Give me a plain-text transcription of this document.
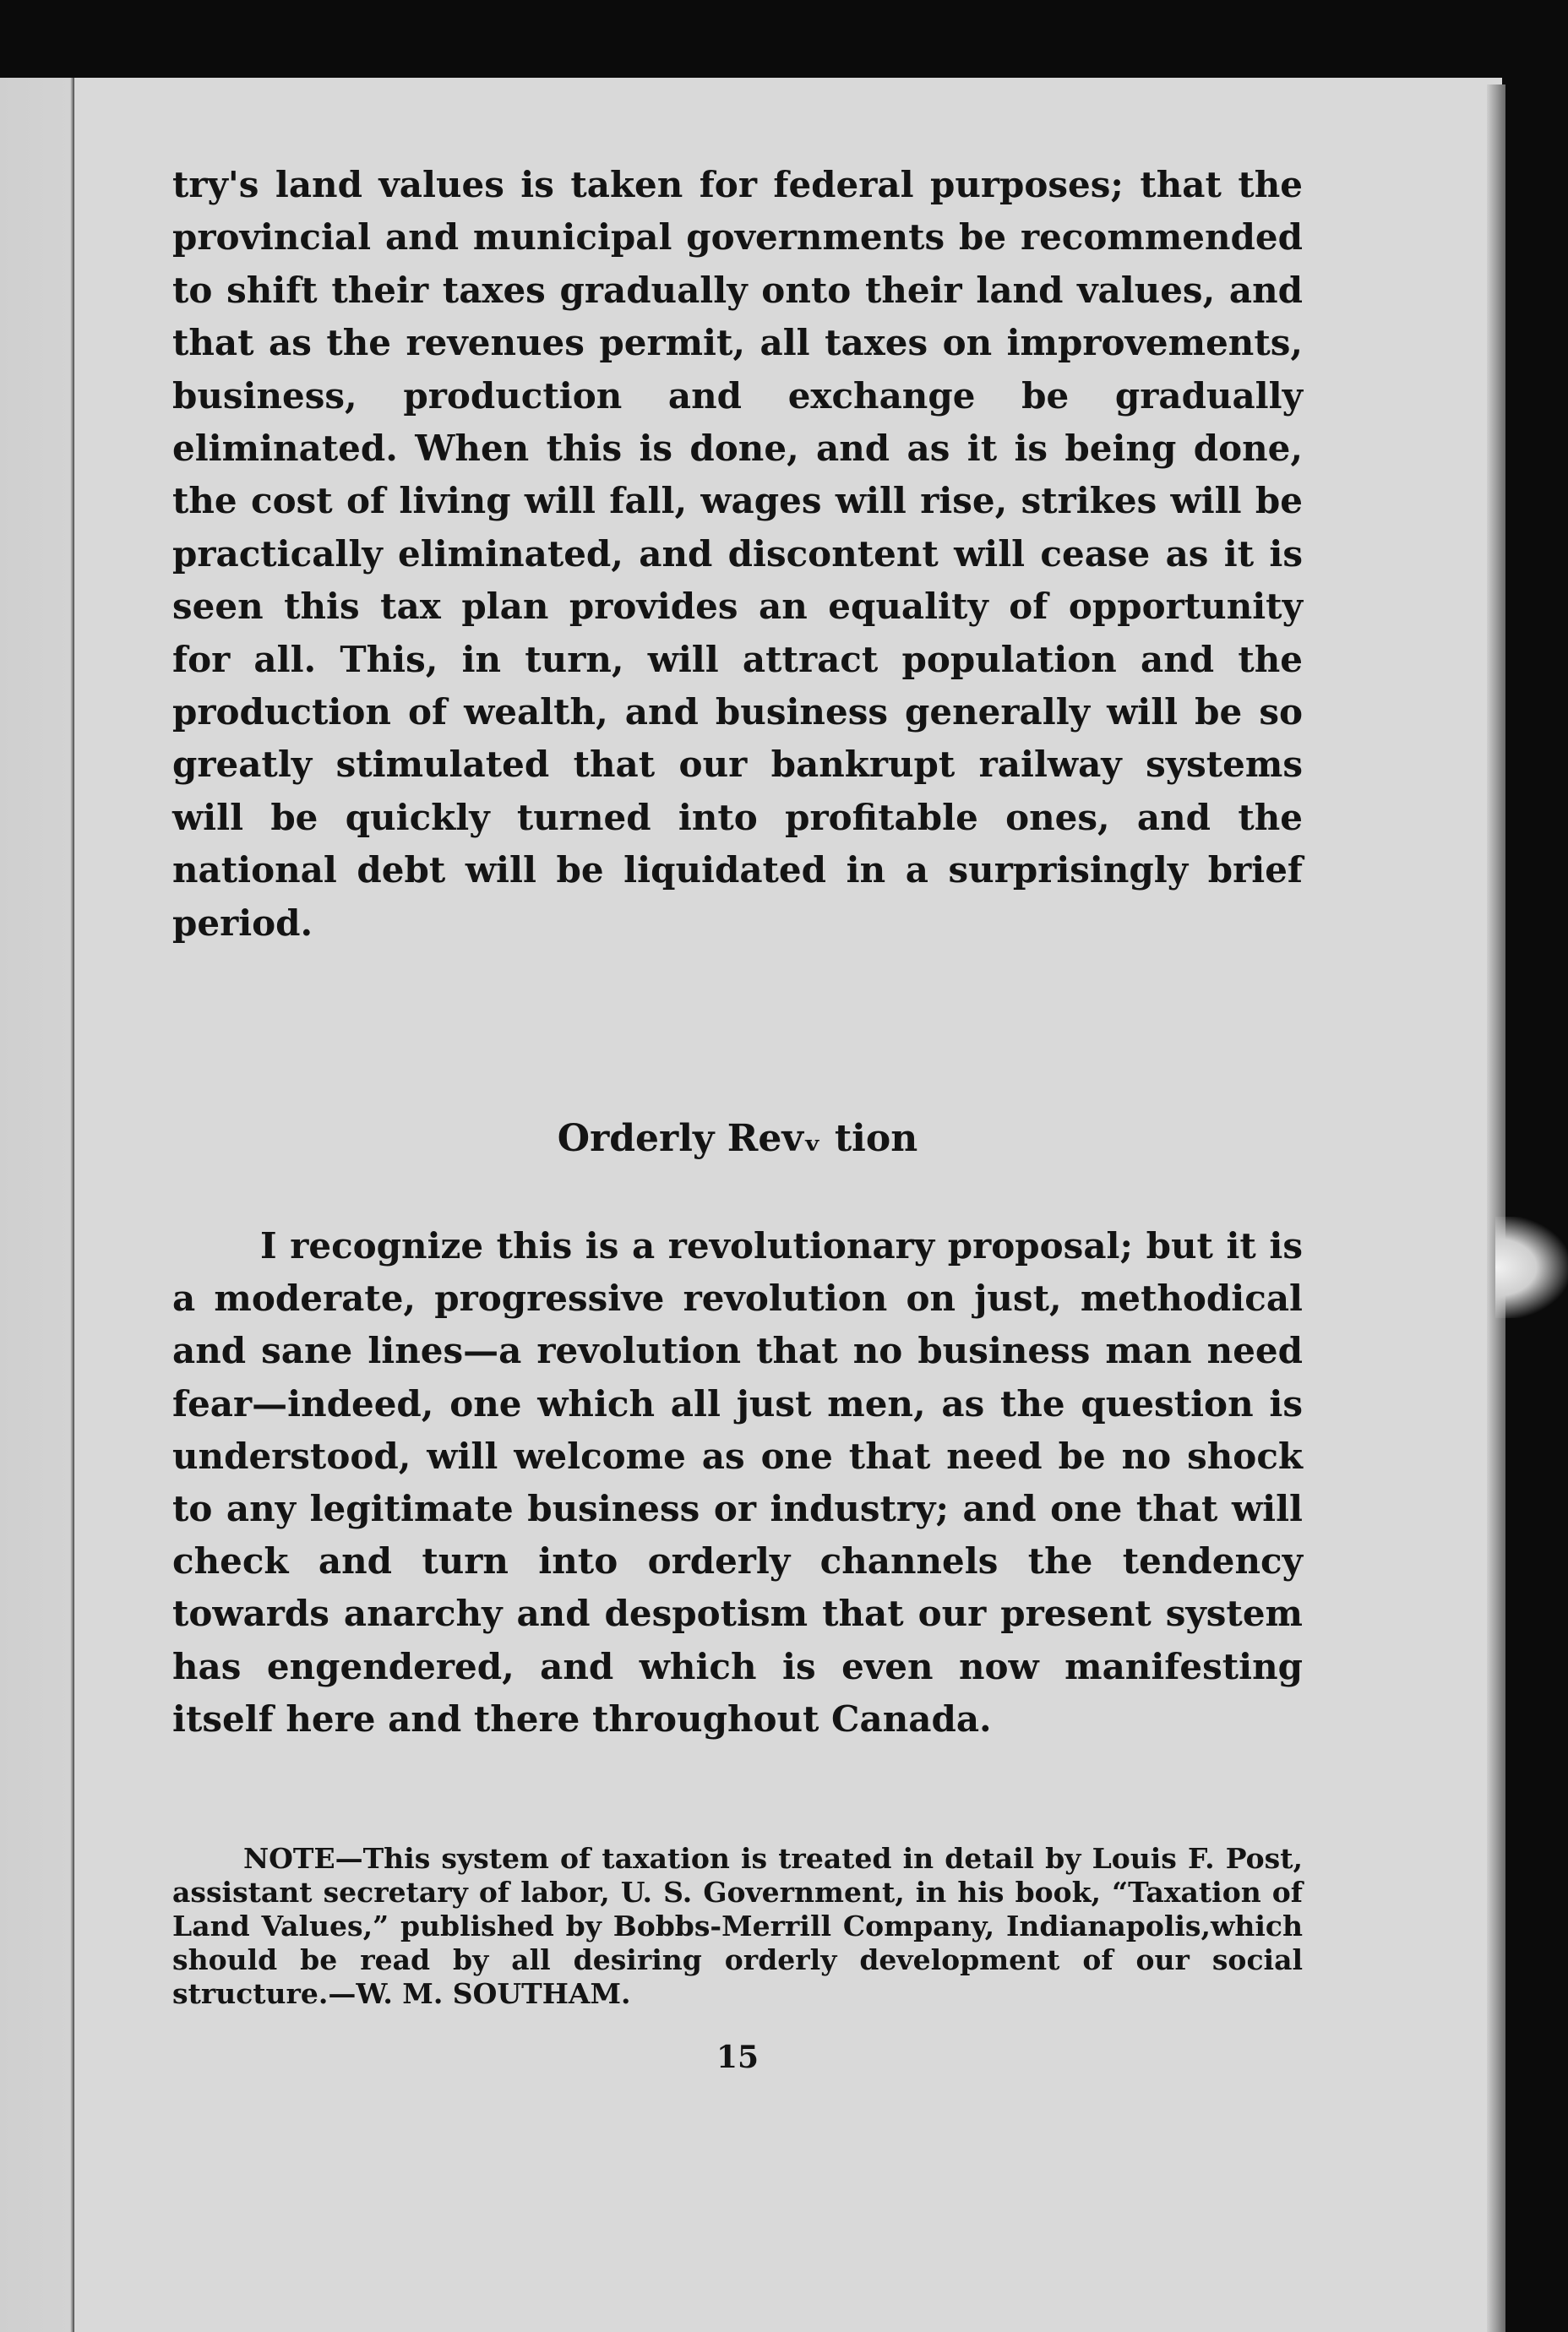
try's land values is taken for federal purposes; that the provincial and municipal governments be recommended to shift their taxes gradually onto their land values, and that as the revenues permit, all taxes on improvements, business, production and exchange be gradually eliminated. When this is done, and as it is being done, the cost of living will fall, wages will rise, strikes will be practically eliminated, and discontent will cease as it is seen this tax plan provides an equality of opportunity for all. This, in turn, will attract population and the production of wealth, and business generally will be so greatly stimulated that our bankrupt railway systems will be quickly turned into profitable ones, and the national debt will be liquidated in a surprisingly brief period.
Orderly Revᵥ tion
I recognize this is a revolutionary proposal; but it is a moderate, progressive revolution on just, methodical and sane lines—a revolution that no business man need fear—indeed, one which all just men, as the question is understood, will welcome as one that need be no shock to any legitimate business or industry; and one that will check and turn into orderly channels the tendency towards anarchy and despotism that our present system has engendered, and which is even now manifesting itself here and there throughout Canada.
NOTE—This system of taxation is treated in detail by Louis F. Post, assistant secretary of labor, U. S. Government, in his book, “Taxation of Land Values,” published by Bobbs-Merrill Company, Indianapolis,which should be read by all desiring orderly development of our social structure.—W. M. SOUTHAM.
15
